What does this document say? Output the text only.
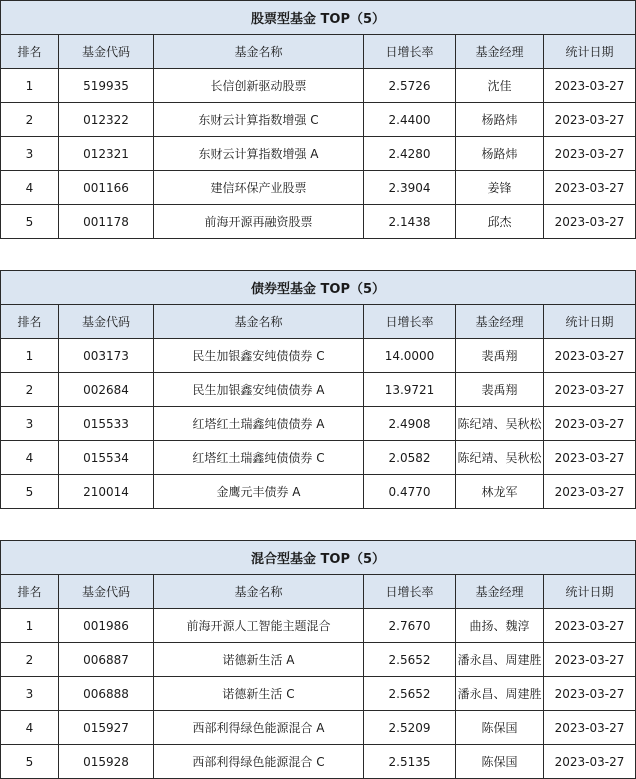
股票型基金 TOP（5）					
排名	基金代码	基金名称	日增长率	基金经理	统计日期
1	519935	长信创新驱动股票	2.5726	沈佳	2023-03-27
2	012322	东财云计算指数增强 C	2.4400	杨路炜	2023-03-27
3	012321	东财云计算指数增强 A	2.4280	杨路炜	2023-03-27
4	001166	建信环保产业股票	2.3904	姜锋	2023-03-27
5	001178	前海开源再融资股票	2.1438	邱杰	2023-03-27
债券型基金 TOP（5）					
排名	基金代码	基金名称	日增长率	基金经理	统计日期
1	003173	民生加银鑫安纯债债券 C	14.0000	裴禹翔	2023-03-27
2	002684	民生加银鑫安纯债债券 A	13.9721	裴禹翔	2023-03-27
3	015533	红塔红土瑞鑫纯债债券 A	2.4908	陈纪靖、吴秋松	2023-03-27
4	015534	红塔红土瑞鑫纯债债券 C	2.0582	陈纪靖、吴秋松	2023-03-27
5	210014	金鹰元丰债券 A	0.4770	林龙军	2023-03-27
混合型基金 TOP（5）					
排名	基金代码	基金名称	日增长率	基金经理	统计日期
1	001986	前海开源人工智能主题混合	2.7670	曲扬、魏淳	2023-03-27
2	006887	诺德新生活 A	2.5652	潘永昌、周建胜	2023-03-27
3	006888	诺德新生活 C	2.5652	潘永昌、周建胜	2023-03-27
4	015927	西部利得绿色能源混合 A	2.5209	陈保国	2023-03-27
5	015928	西部利得绿色能源混合 C	2.5135	陈保国	2023-03-27
